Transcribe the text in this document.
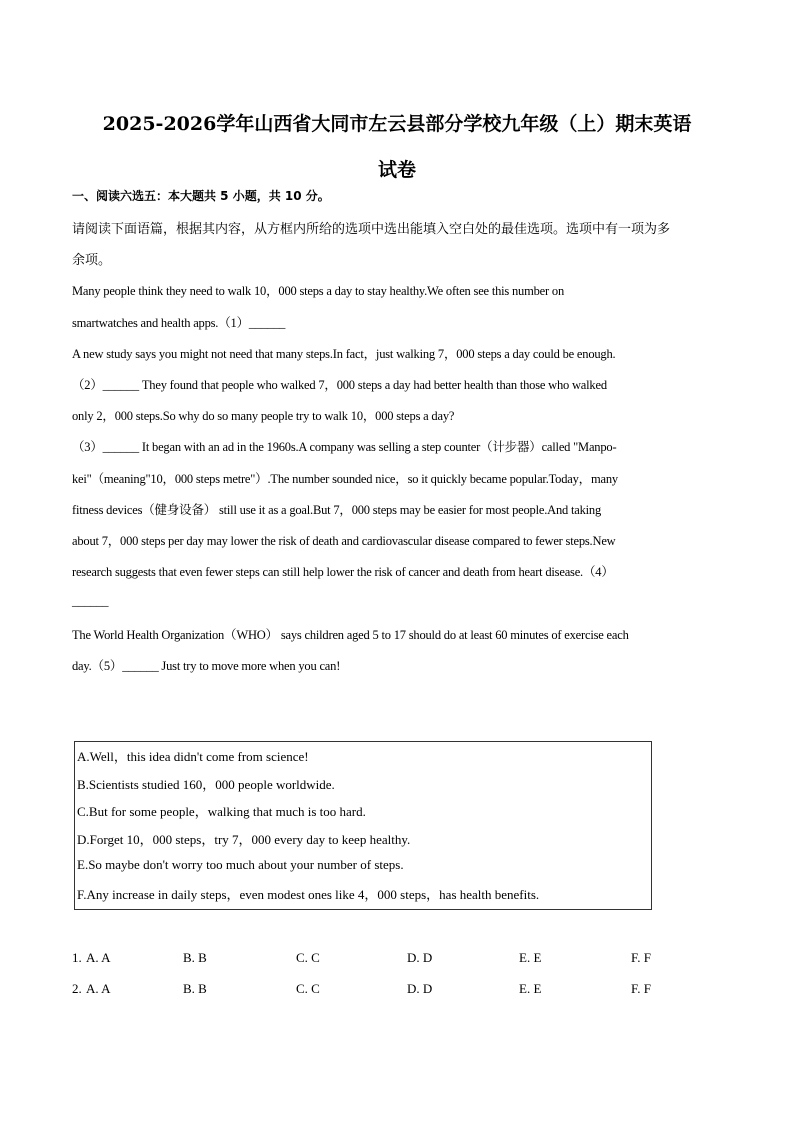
2025-2026学年山西省大同市左云县部分学校九年级（上）期末英语
试卷
一、阅读六选五：本大题共 5 小题，共 10 分。
请阅读下面语篇，根据其内容，从方框内所给的选项中选出能填入空白处的最佳选项。选项中有一项为多
余项。
Many people think they need to walk 10，000 steps a day to stay healthy.We often see this number on
smartwatches and health apps.（1）______
A new study says you might not need that many steps.In fact，just walking 7，000 steps a day could be enough.
（2）______ They found that people who walked 7，000 steps a day had better health than those who walked
only 2，000 steps.So why do so many people try to walk 10，000 steps a day?
（3）______ It began with an ad in the 1960s.A company was selling a step counter（计步器）called "Manpo-
kei"（meaning"10，000 steps metre"）.The number sounded nice，so it quickly became popular.Today，many
fitness devices（健身设备） still use it as a goal.But 7，000 steps may be easier for most people.And taking
about 7，000 steps per day may lower the risk of death and cardiovascular disease compared to fewer steps.New
research suggests that even fewer steps can still help lower the risk of cancer and death from heart disease.（4）
______
The World Health Organization（WHO） says children aged 5 to 17 should do at least 60 minutes of exercise each
day.（5）______ Just try to move more when you can!
A.Well，this idea didn't come from science!
B.Scientists studied 160，000 people worldwide.
C.But for some people，walking that much is too hard.
D.Forget 10，000 steps，try 7，000 every day to keep healthy.
E.So maybe don't worry too much about your number of steps.
F.Any increase in daily steps，even modest ones like 4，000 steps，has health benefits.
1. A. A	B. B	C. C	D. D	E. E	F. F
2. A. A	B. B	C. C	D. D	E. E	F. F
